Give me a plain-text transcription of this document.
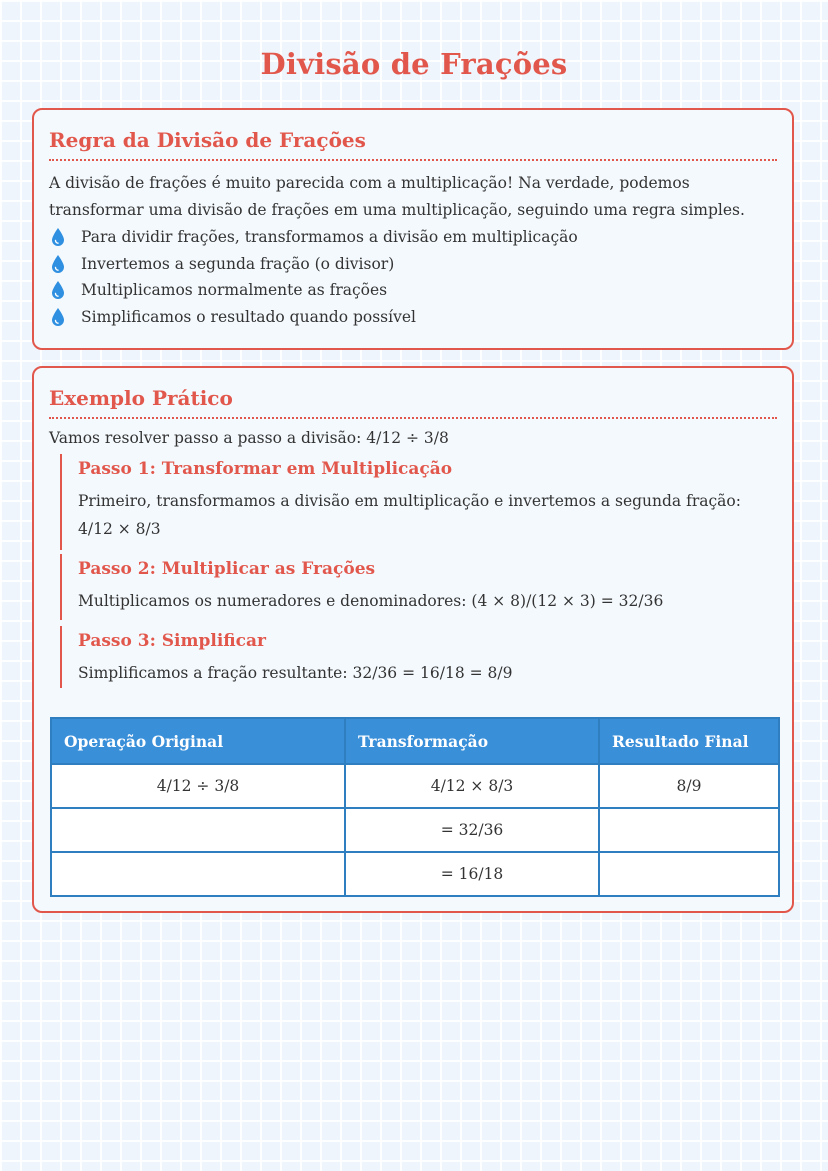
Divisão de Frações
Regra da Divisão de Frações

A divisão de frações é muito parecida com a multiplicação! Na verdade, podemos transformar uma divisão de frações em uma multiplicação, seguindo uma regra simples.

Para dividir frações, transformamos a divisão em multiplicação
Invertemos a segunda fração (o divisor)
Multiplicamos normalmente as frações
Simplificamos o resultado quando possível
Exemplo Prático

Vamos resolver passo a passo a divisão: 4/12 ÷ 3/8

Passo 1: Transformar em Multiplicação

Primeiro, transformamos a divisão em multiplicação e invertemos a segunda fração: 4/12 × 8/3

Passo 2: Multiplicar as Frações

Multiplicamos os numeradores e denominadores: (4 × 8)/(12 × 3) = 32/36

Passo 3: Simplificar

Simplificamos a fração resultante: 32/36 = 16/18 = 8/9

Operação Original	Transformação	Resultado Final
4/12 ÷ 3/8	4/12 × 8/3	8/9
	= 32/36	
	= 16/18	
